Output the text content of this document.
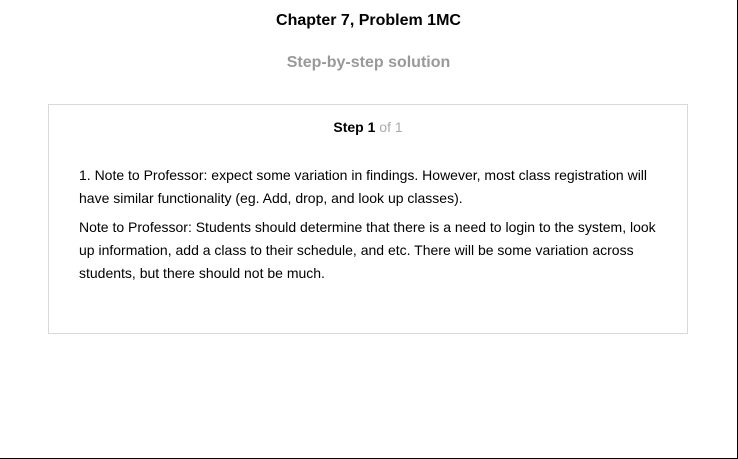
Chapter 7, Problem 1MC
Step-by-step solution
Step 1 of 1

1. Note to Professor: expect some variation in findings. However, most class registration will have similar functionality (eg. Add, drop, and look up classes).

Note to Professor: Students should determine that there is a need to login to the system, look up information, add a class to their schedule, and etc. There will be some variation across students, but there should not be much.
